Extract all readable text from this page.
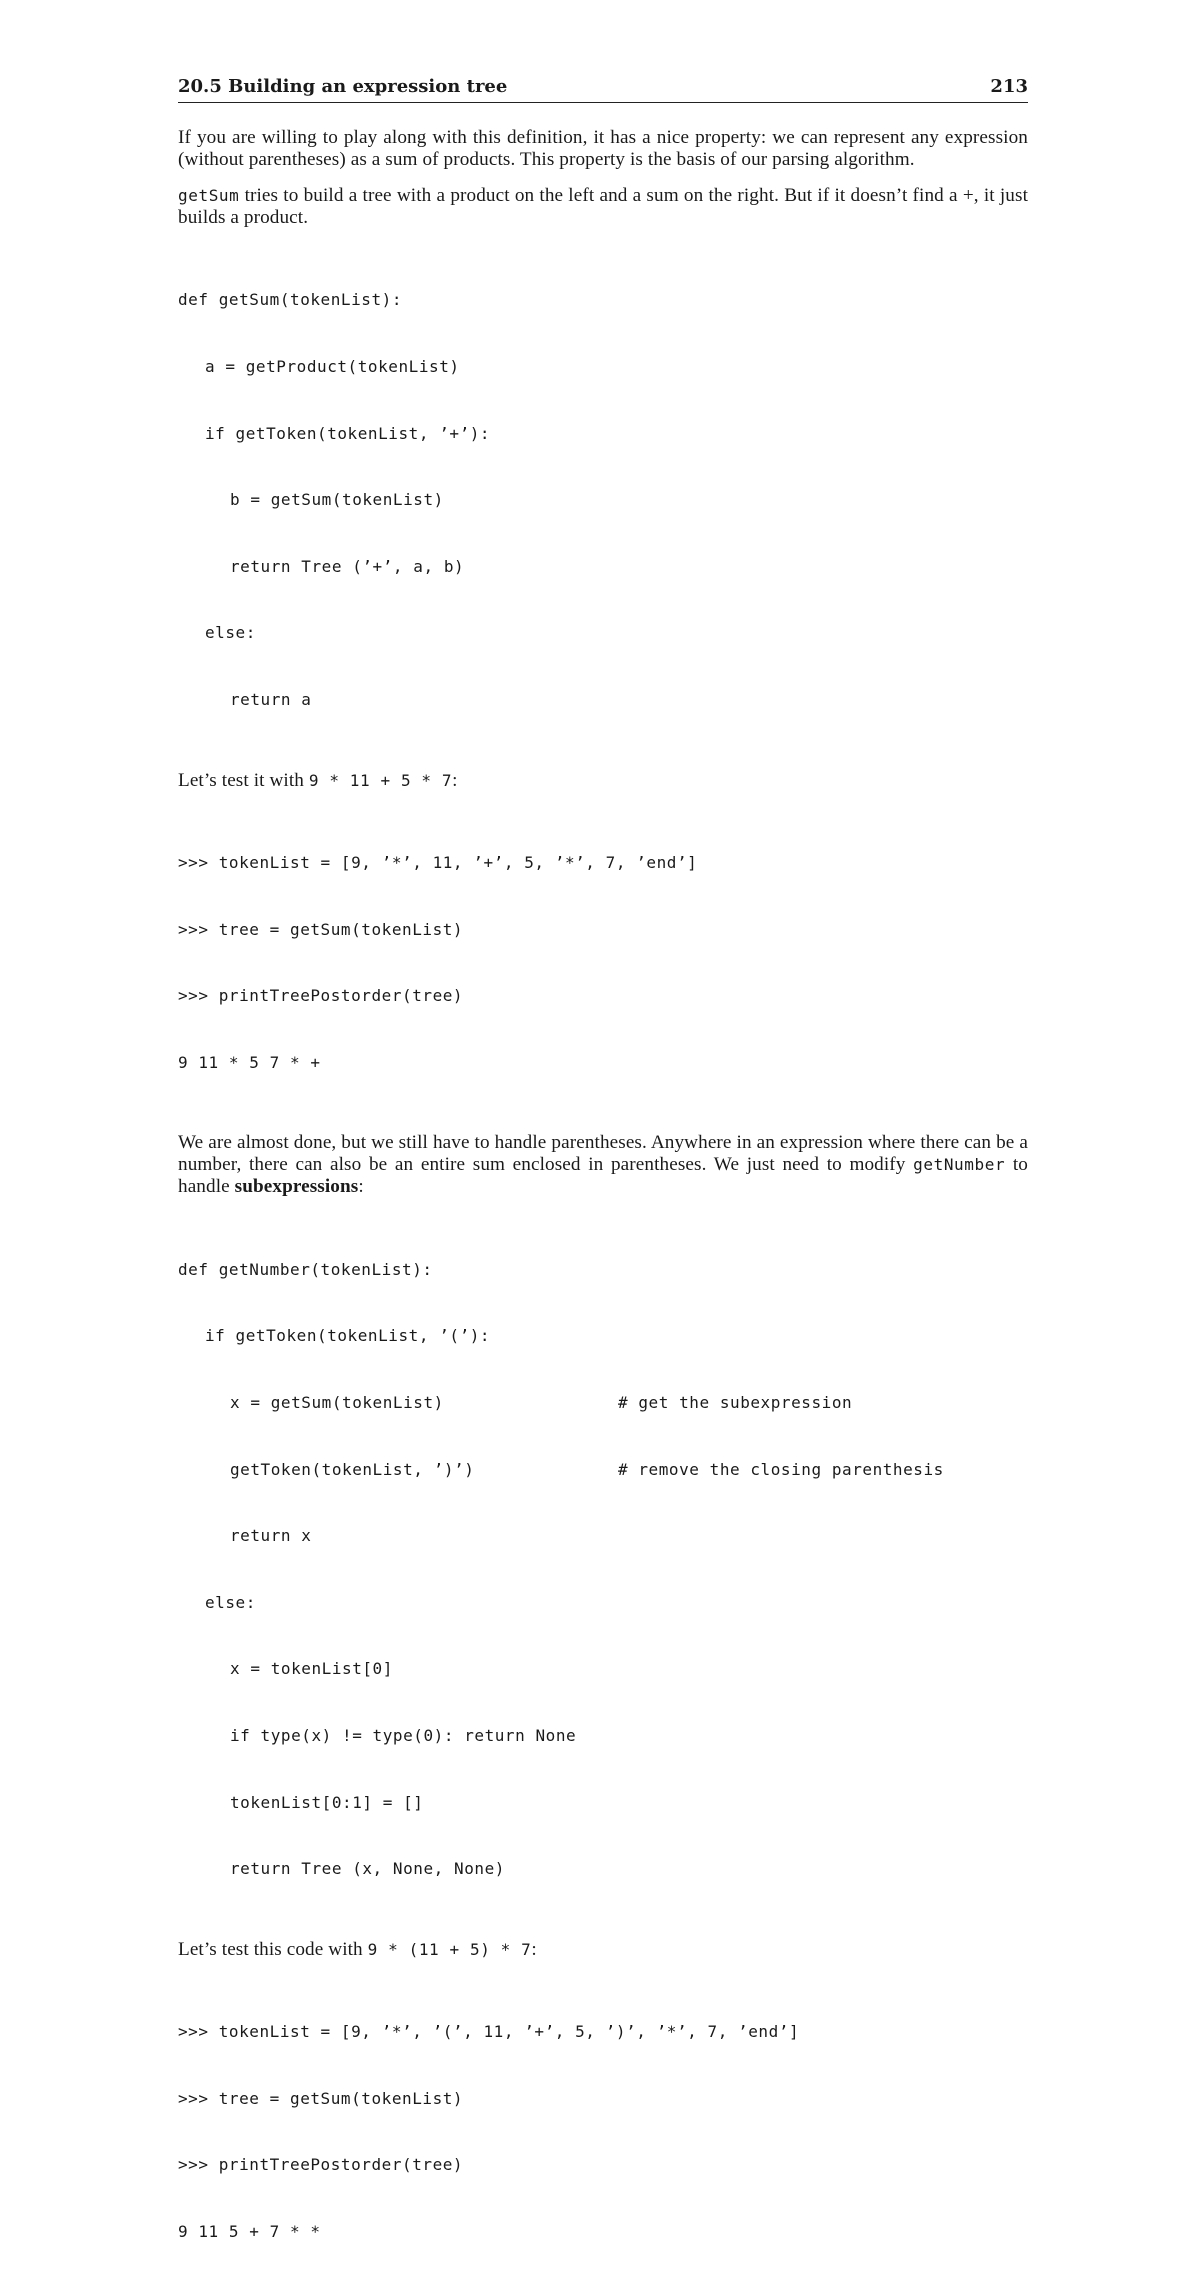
20.5 Building an expression tree	213

If you are willing to play along with this definition, it has a nice property: we can represent any expression (without parentheses) as a sum of products. This property is the basis of our parsing algorithm.

getSum tries to build a tree with a product on the left and a sum on the right. But if it doesn’t find a +, it just builds a product.

def getSum(tokenList):

a = getProduct(tokenList)

if getToken(tokenList, ’+’):

b = getSum(tokenList)

return Tree (’+’, a, b)

else:

return a

Let’s test it with 9 * 11 + 5 * 7:

>>> tokenList = [9, ’*’, 11, ’+’, 5, ’*’, 7, ’end’]

>>> tree = getSum(tokenList)

>>> printTreePostorder(tree)

9 11 * 5 7 * +

We are almost done, but we still have to handle parentheses. Anywhere in an expression where there can be a number, there can also be an entire sum enclosed in parentheses. We just need to modify getNumber to handle subexpressions:

def getNumber(tokenList):

if getToken(tokenList, ’(’):

x = getSum(tokenList)	# get the subexpression

getToken(tokenList, ’)’)	# remove the closing parenthesis

return x

else:

x = tokenList[0]

if type(x) != type(0): return None

tokenList[0:1] = []

return Tree (x, None, None)

Let’s test this code with 9 * (11 + 5) * 7:

>>> tokenList = [9, ’*’, ’(’, 11, ’+’, 5, ’)’, ’*’, 7, ’end’]

>>> tree = getSum(tokenList)

>>> printTreePostorder(tree)

9 11 5 + 7 * *
